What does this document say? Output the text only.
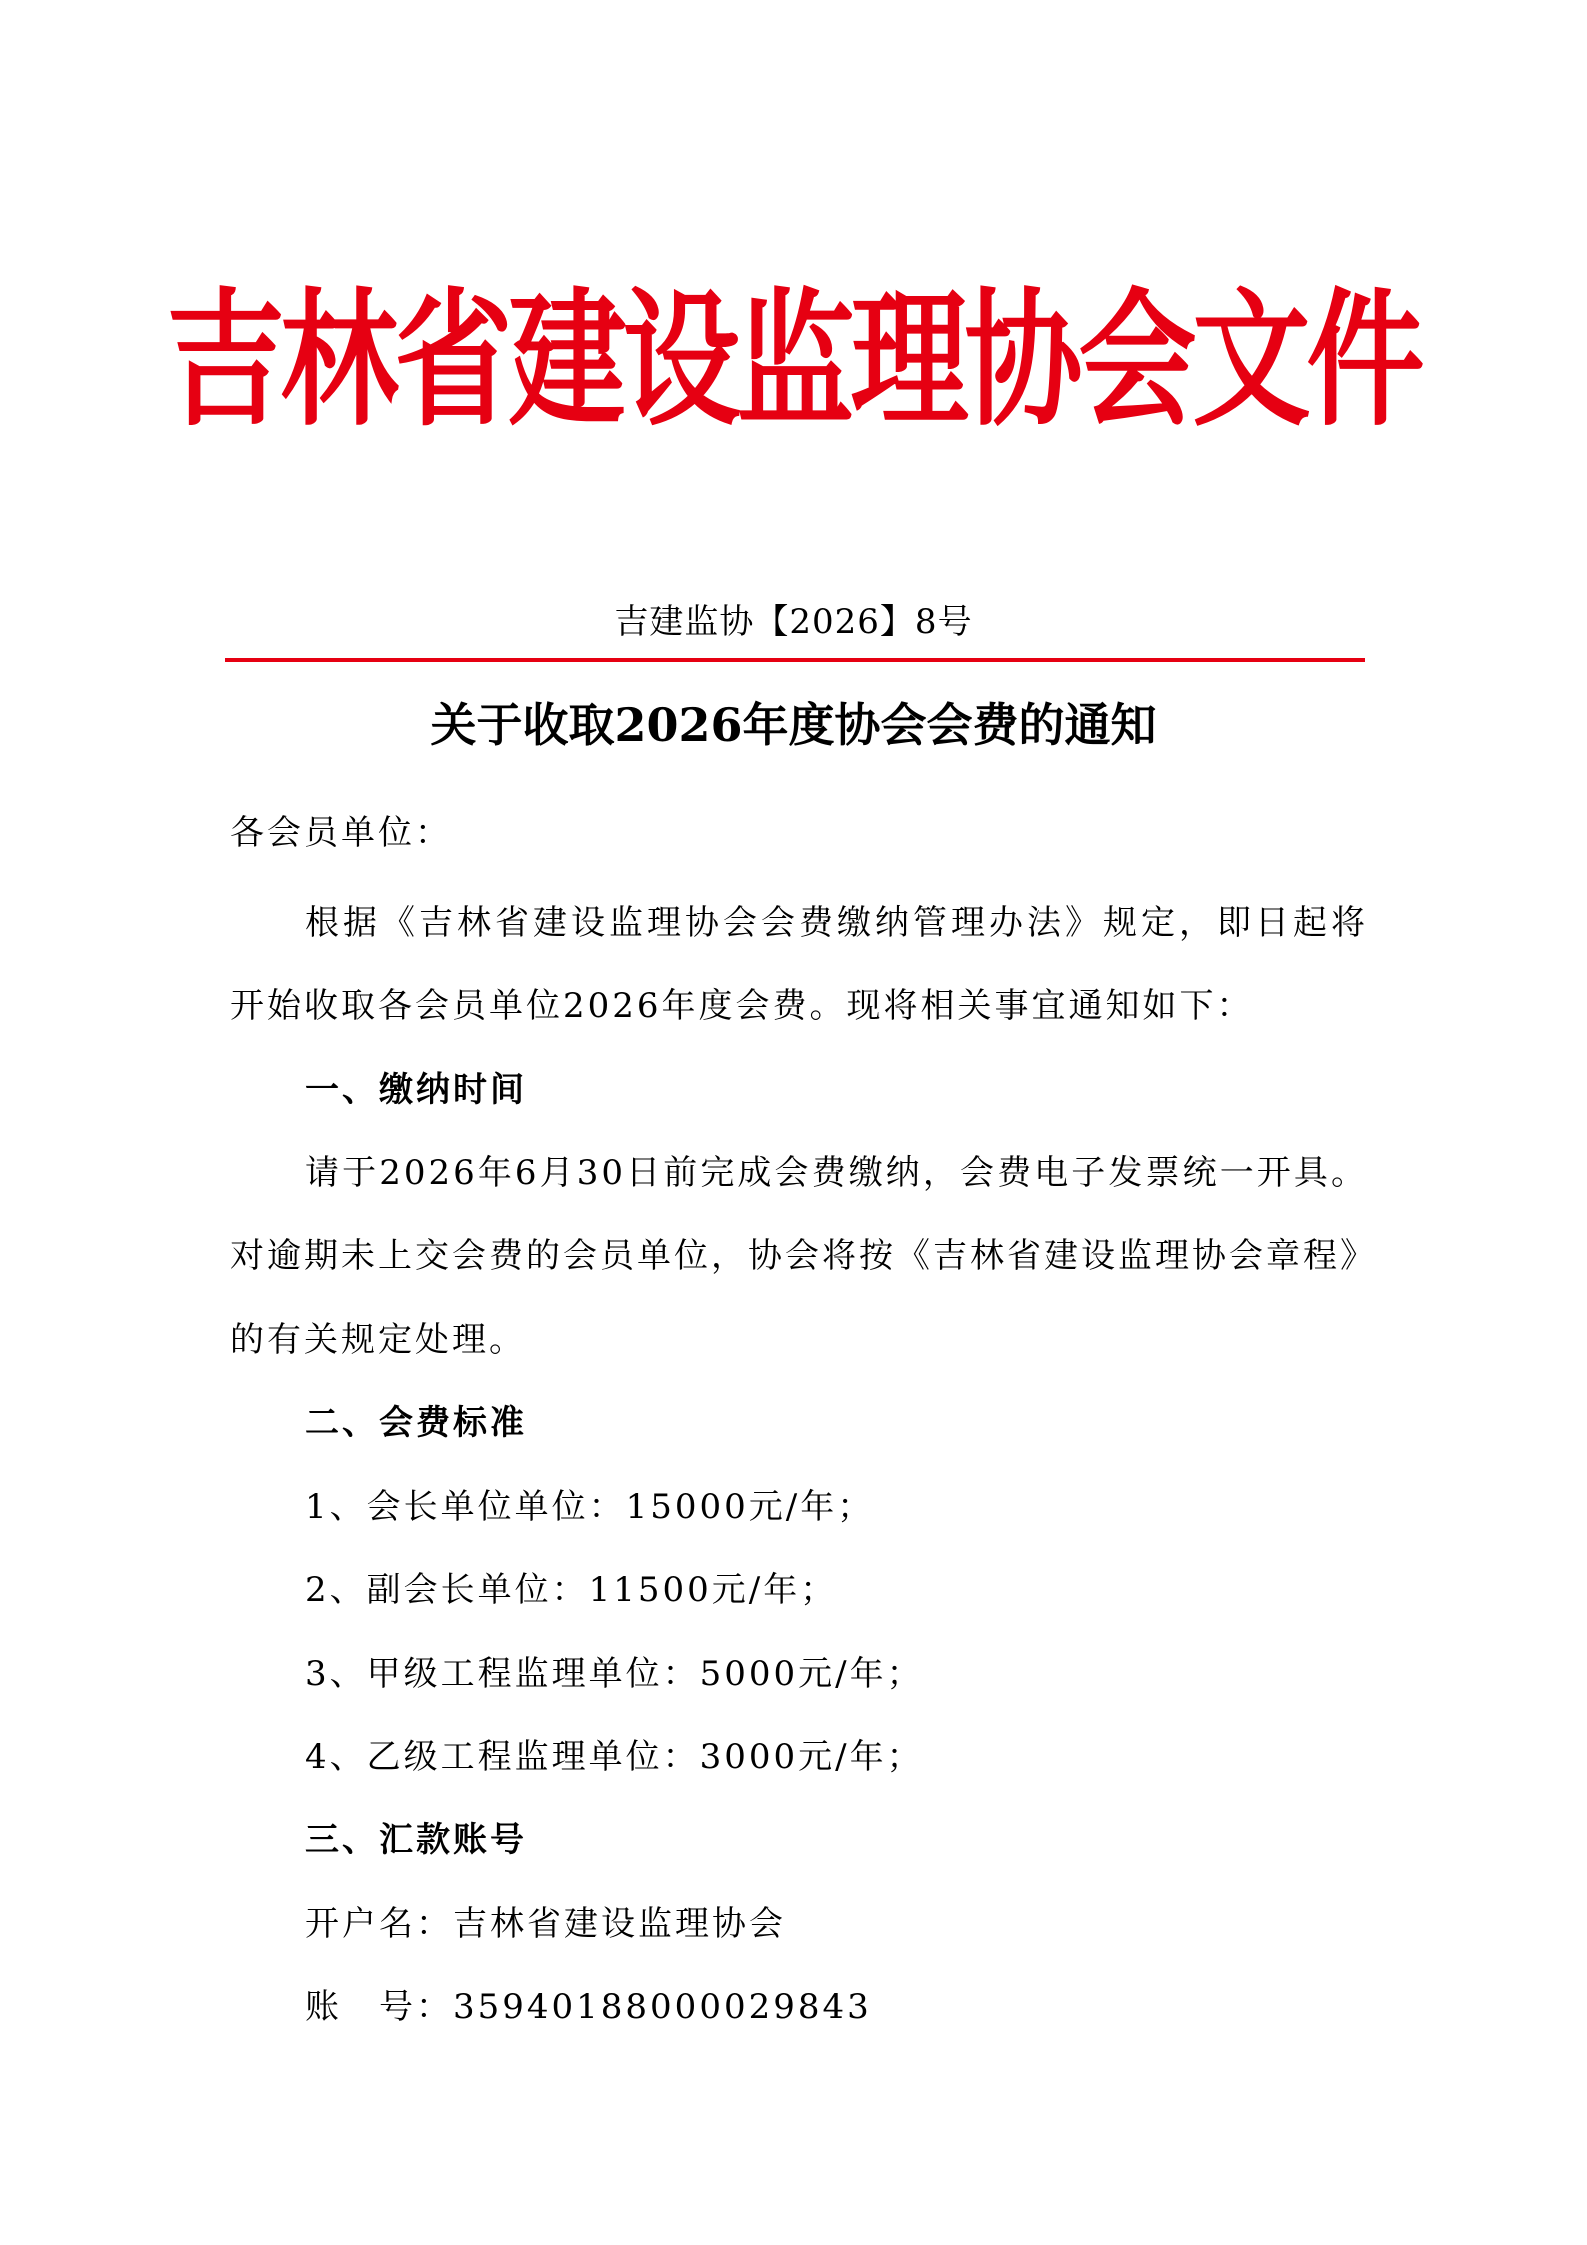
吉林省建设监理协会文件
吉建监协【2026】8号
关于收取2026年度协会会费的通知
各会员单位：
根据《吉林省建设监理协会会费缴纳管理办法》规定，即日起将
开始收取各会员单位2026年度会费。现将相关事宜通知如下：
一、缴纳时间
请于2026年6月30日前完成会费缴纳，会费电子发票统一开具。
对逾期未上交会费的会员单位，协会将按《吉林省建设监理协会章程》
的有关规定处理。
二、会费标准
1、会长单位单位：15000元/年；
2、副会长单位：11500元/年；
3、甲级工程监理单位：5000元/年；
4、乙级工程监理单位：3000元/年；
三、汇款账号
开户名：吉林省建设监理协会
账　号：35940188000029843
